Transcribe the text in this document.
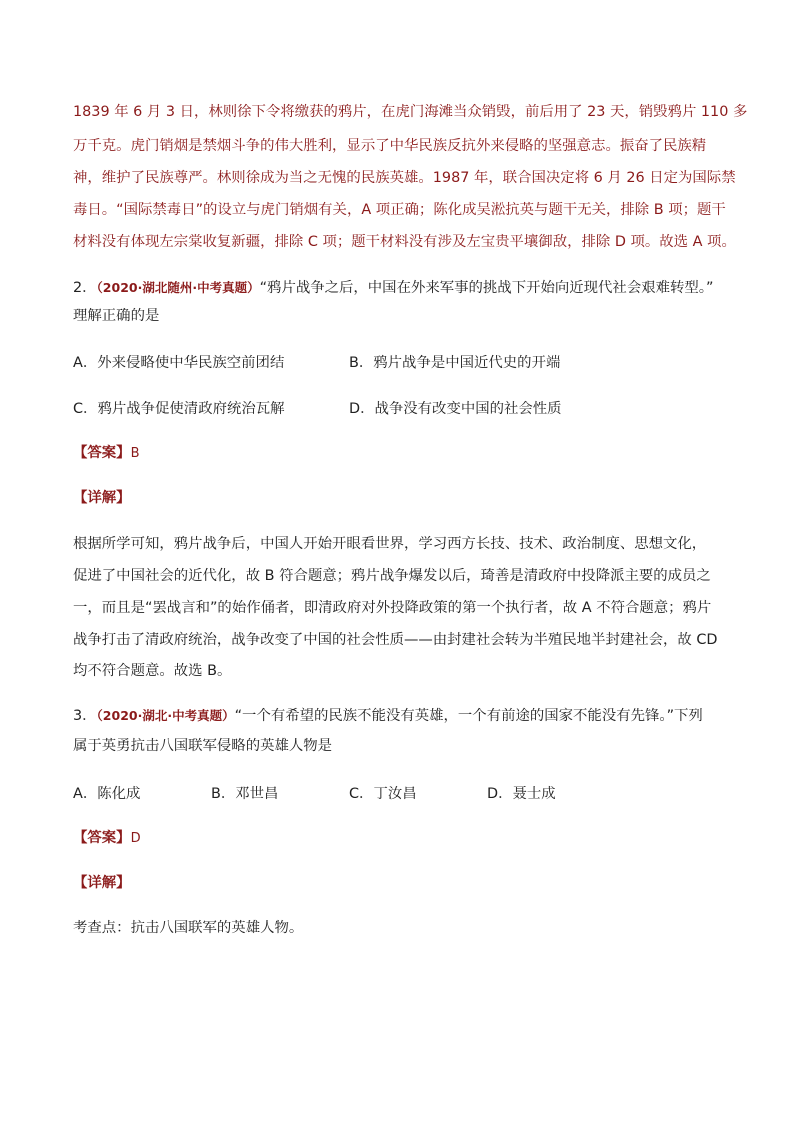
1839 年 6 月 3 日，林则徐下令将缴获的鸦片，在虎门海滩当众销毁，前后用了 23 天，销毁鸦片 110 多
万千克。虎门销烟是禁烟斗争的伟大胜利，显示了中华民族反抗外来侵略的坚强意志。振奋了民族精
神，维护了民族尊严。林则徐成为当之无愧的民族英雄。1987 年，联合国决定将 6 月 26 日定为国际禁
毒日。“国际禁毒日”的设立与虎门销烟有关，A 项正确；陈化成吴淞抗英与题干无关，排除 B 项；题干
材料没有体现左宗棠收复新疆，排除 C 项；题干材料没有涉及左宝贵平壤御敌，排除 D 项。故选 A 项。
2．（2020·湖北随州·中考真题）“鸦片战争之后，中国在外来军事的挑战下开始向近现代社会艰难转型。”
理解正确的是
A．外来侵略使中华民族空前团结	B．鸦片战争是中国近代史的开端
C．鸦片战争促使清政府统治瓦解	D．战争没有改变中国的社会性质
【答案】B
【详解】
根据所学可知，鸦片战争后，中国人开始开眼看世界，学习西方长技、技术、政治制度、思想文化，
促进了中国社会的近代化，故 B 符合题意；鸦片战争爆发以后，琦善是清政府中投降派主要的成员之
一，而且是“罢战言和”的始作俑者，即清政府对外投降政策的第一个执行者，故 A 不符合题意；鸦片
战争打击了清政府统治，战争改变了中国的社会性质——由封建社会转为半殖民地半封建社会，故 CD
均不符合题意。故选 B。
3．（2020·湖北·中考真题）“一个有希望的民族不能没有英雄，一个有前途的国家不能没有先锋。”下列
属于英勇抗击八国联军侵略的英雄人物是
A．陈化成	B．邓世昌	C．丁汝昌	D．聂士成
【答案】D
【详解】
考查点：抗击八国联军的英雄人物。
